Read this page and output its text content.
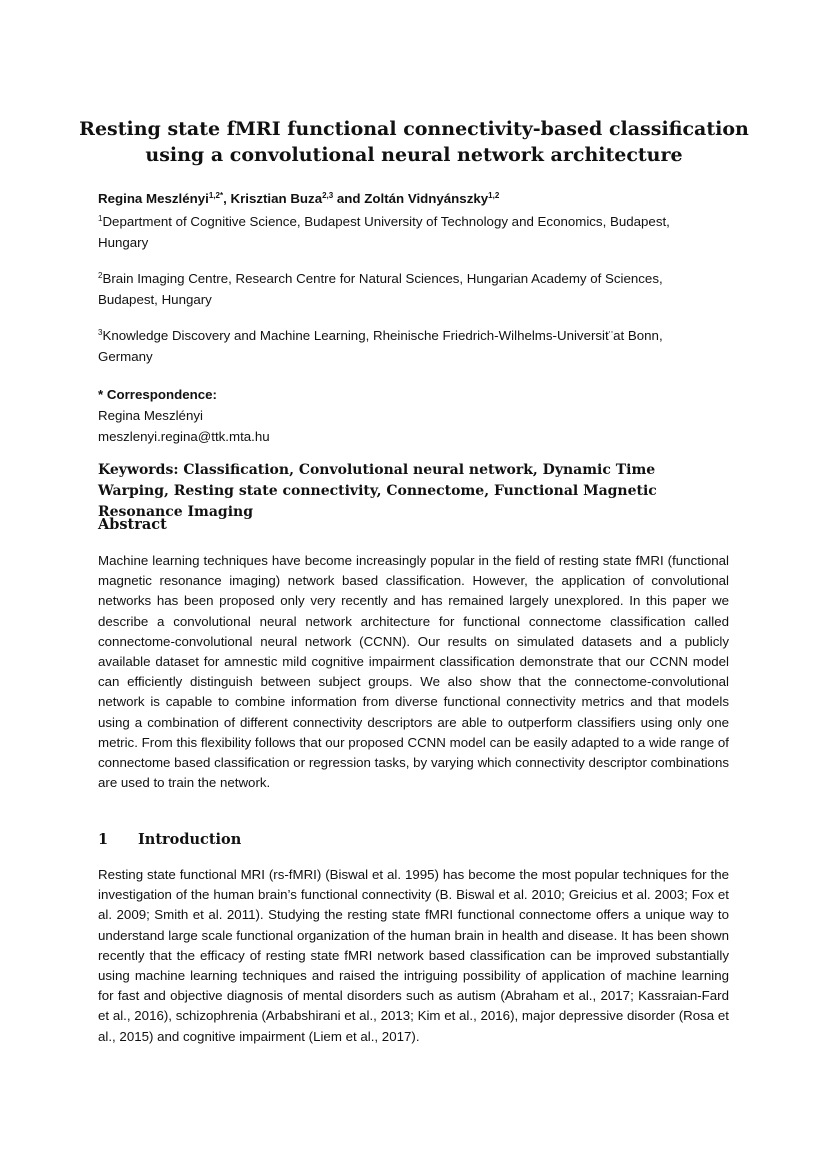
Resting state fMRI functional connectivity-based classification
using a convolutional neural network architecture
Regina Meszlényi$^{1,2*}$, Krisztian Buza$^{2,3}$ and Zoltán Vidnyánszky$^{1,2}$

$^1$Department of Cognitive Science, Budapest University of Technology and Economics, Budapest, Hungary

$^2$Brain Imaging Centre, Research Centre for Natural Sciences, Hungarian Academy of Sciences, Budapest, Hungary

$^3$Knowledge Discovery and Machine Learning, Rheinische Friedrich-Wilhelms-Universit¨at Bonn, Germany

* Correspondence:
Regina Meszlényi
meszlenyi.regina@ttk.mta.hu

Keywords: Classification, Convolutional neural network, Dynamic Time Warping, Resting state connectivity, Connectome, Functional Magnetic Resonance Imaging

Abstract

Machine learning techniques have become increasingly popular in the field of resting state fMRI (functional magnetic resonance imaging) network based classification. However, the application of convolutional networks has been proposed only very recently and has remained largely unexplored. In this paper we describe a convolutional neural network architecture for functional connectome classification called connectome-convolutional neural network (CCNN). Our results on simulated datasets and a publicly available dataset for amnestic mild cognitive impairment classification demonstrate that our CCNN model can efficiently distinguish between subject groups. We also show that the connectome-convolutional network is capable to combine information from diverse functional connectivity metrics and that models using a combination of different connectivity descriptors are able to outperform classifiers using only one metric. From this flexibility follows that our proposed CCNN model can be easily adapted to a wide range of connectome based classification or regression tasks, by varying which connectivity descriptor combinations are used to train the network.

1 Introduction

Resting state functional MRI (rs-fMRI) (Biswal et al. 1995) has become the most popular techniques for the investigation of the human brain’s functional connectivity (B. Biswal et al. 2010; Greicius et al. 2003; Fox et al. 2009; Smith et al. 2011). Studying the resting state fMRI functional connectome offers a unique way to understand large scale functional organization of the human brain in health and disease. It has been shown recently that the efficacy of resting state fMRI network based classification can be improved substantially using machine learning techniques and raised the intriguing possibility of application of machine learning for fast and objective diagnosis of mental disorders such as autism (Abraham et al., 2017; Kassraian-Fard et al., 2016), schizophrenia (Arbabshirani et al., 2013; Kim et al., 2016), major depressive disorder (Rosa et al., 2015) and cognitive impairment (Liem et al., 2017).
